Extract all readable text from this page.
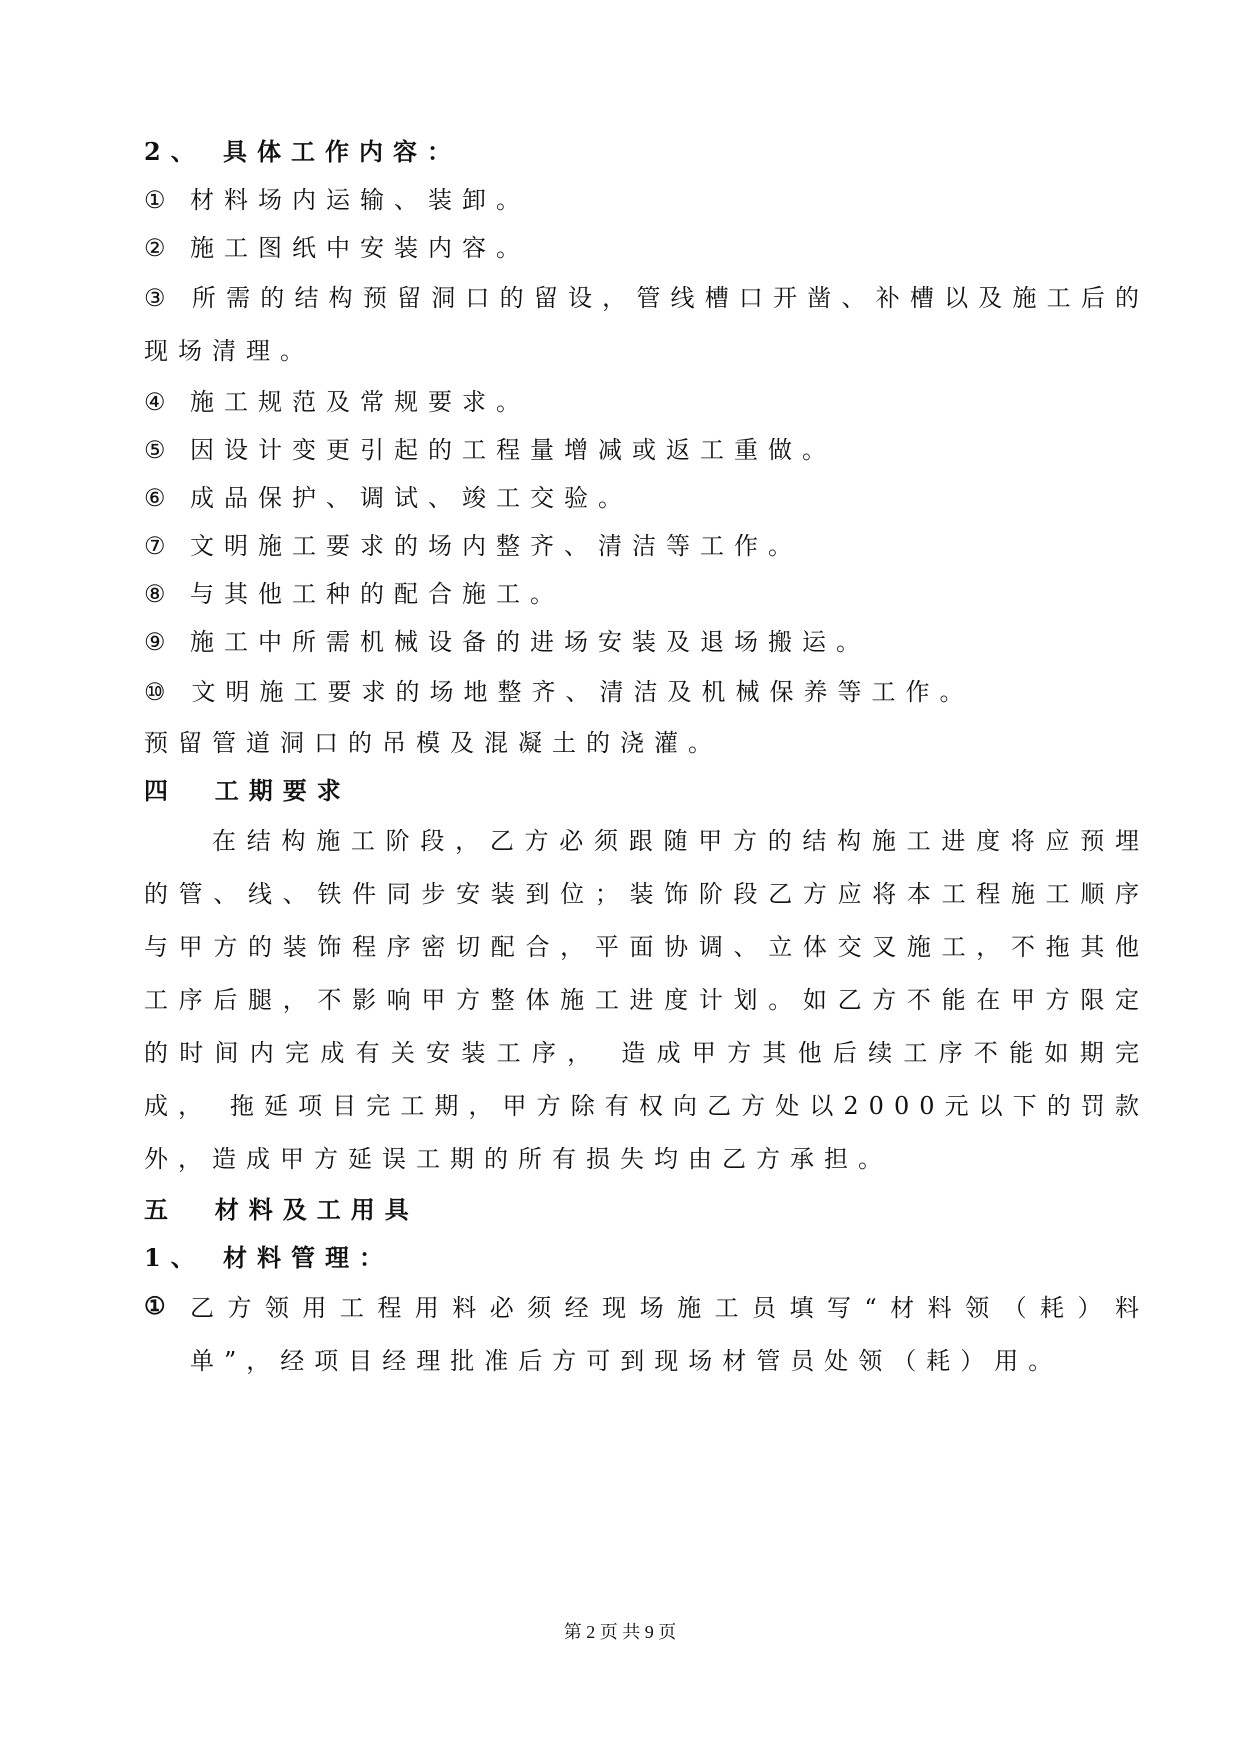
2、 具体工作内容：

① 材料场内运输、装卸。
② 施工图纸中安装内容。

③ 所需的结构预留洞口的留设，管线槽口开凿、补槽以及施工后的现场清理。

④ 施工规范及常规要求。
⑤ 因设计变更引起的工程量增减或返工重做。
⑥ 成品保护、调试、竣工交验。
⑦ 文明施工要求的场内整齐、清洁等工作。
⑧ 与其他工种的配合施工。
⑨ 施工中所需机械设备的进场安装及退场搬运。

⑩ 文明施工要求的场地整齐、清洁及机械保养等工作。

预留管道洞口的吊模及混凝土的浇灌。

四  工期要求

在结构施工阶段，乙方必须跟随甲方的结构施工进度将应预埋的管、线、铁件同步安装到位；装饰阶段乙方应将本工程施工顺序与甲方的装饰程序密切配合，平面协调、立体交叉施工，不拖其他工序后腿，不影响甲方整体施工进度计划。如乙方不能在甲方限定的时间内完成有关安装工序， 造成甲方其他后续工序不能如期完成， 拖延项目完工期，甲方除有权向乙方处以2000元以下的罚款外，造成甲方延误工期的所有损失均由乙方承担。

五  材料及工用具

1、 材料管理：

① 乙方领用工程用料必须经现场施工员填写“材料领（耗）料单”，经项目经理批准后方可到现场材管员处领（耗）用。
第 2 页 共 9 页
